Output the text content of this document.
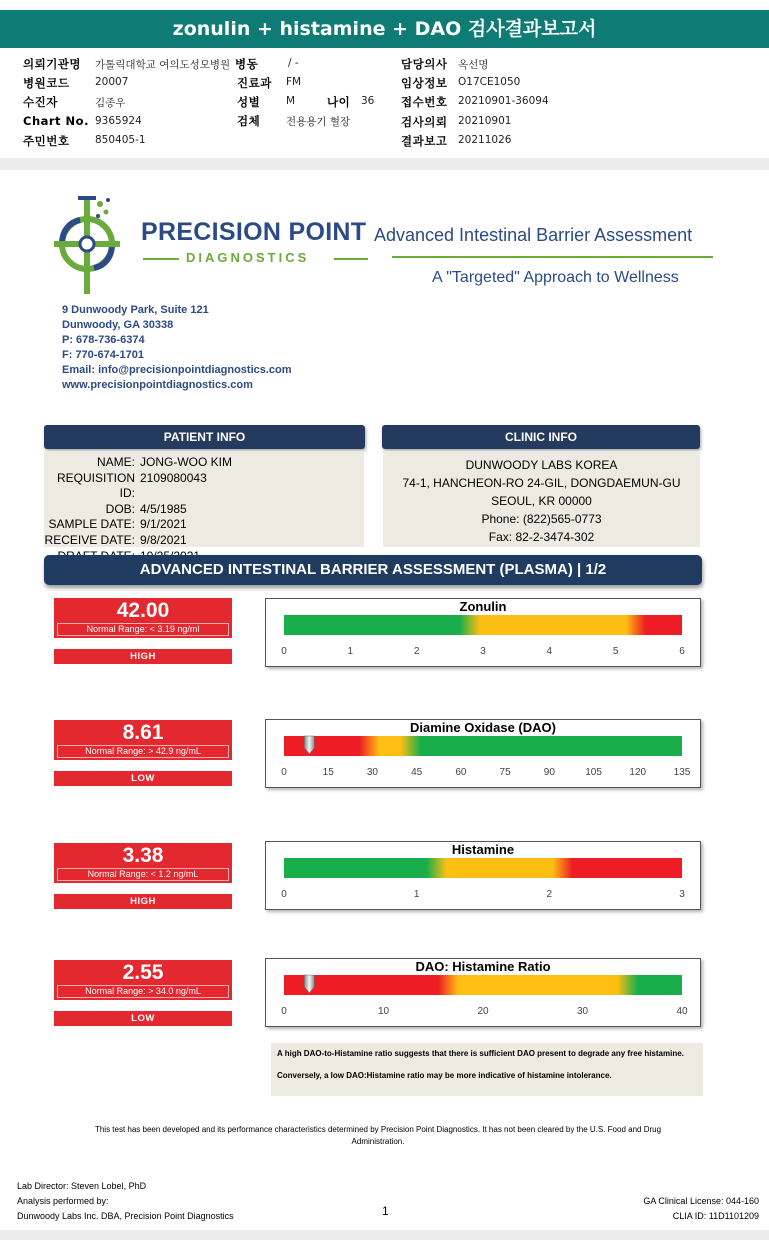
zonulin + histamine + DAO 검사결과보고서
의뢰기관명 가톨릭대학교 여의도성모병원 병동	/ -	담당의사 옥선명
병원코드 20007	진료과 FM	임상정보 O17CE1050
수진자	김종우	성별 M	나이 36 접수번호 20210901-36094
Chart No. 9365924	검체 전용용기 혈장	검사의뢰 20210901
주민번호 850405-1	결과보고 20211026
PRECISION POINT
DIAGNOSTICS
Advanced Intestinal Barrier Assessment
A "Targeted" Approach to Wellness
9 Dunwoody Park, Suite 121
Dunwoody, GA 30338
P: 678-736-6374
F: 770-674-1701
Email: info@precisionpointdiagnostics.com
www.precisionpointdiagnostics.com
PATIENT INFO
NAME: JONG-WOO KIM
REQUISITION ID:
2109080043
DOB: 4/5/1985
SAMPLE DATE: 9/1/2021
RECEIVE DATE: 9/8/2021
CLINIC INFO
DUNWOODY LABS KOREA
74-1, HANCHEON-RO 24-GIL, DONGDAEMUN-GU
SEOUL, KR 00000
Phone: (822)565-0773
Fax: 82-2-3474-302
ADVANCED INTESTINAL BARRIER ASSESSMENT (PLASMA) | 1/2
42.00
Normal Range: < 3.19 ng/ml
HIGH
Zonulin
0	1	2	3	4	5	6
8.61
Normal Range: > 42.9 ng/mL
LOW
Diamine Oxidase (DAO)
0	15	30	45	60	75	90	105	120	135
3.38
Normal Range: < 1.2 ng/mL
HIGH
Histamine
0	1	2	3
2.55
Normal Range: > 34.0 ng/mL
LOW
DAO: Histamine Ratio
0	10	20	30	40

A high DAO-to-Histamine ratio suggests that there is sufficient DAO present to degrade any free histamine.

Conversely, a low DAO:Histamine ratio may be more indicative of histamine intolerance.

This test has been developed and its performance characteristics determined by Precision Point Diagnostics. It has not been cleared by the U.S. Food and Drug Administration.
Lab Director: Steven Lobel, PhD
Analysis performed by:
Dunwoody Labs Inc. DBA, Precision Point Diagnostics	1
GA Clinical License: 044-160
CLIA ID: 11D1101209
